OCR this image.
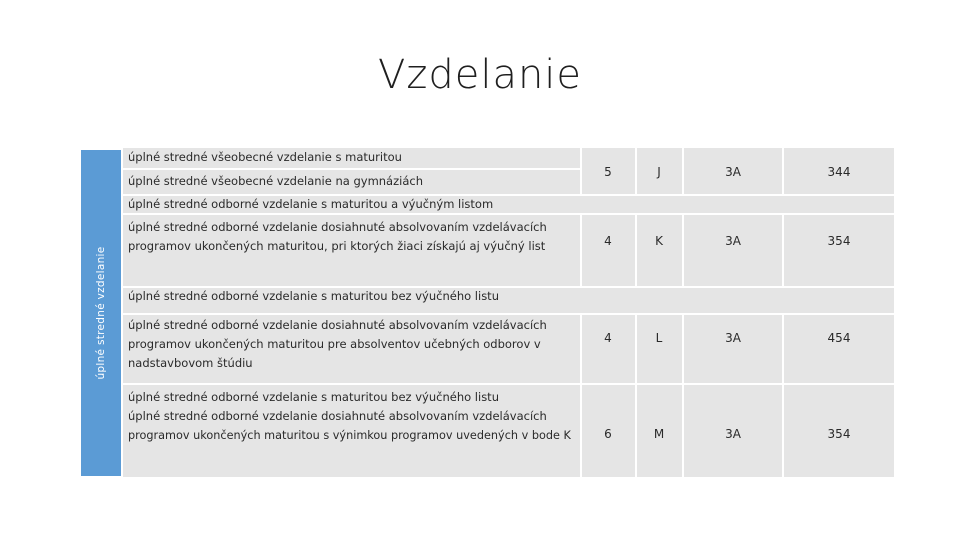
Vzdelanie
úplné stredné vzdelanie
úplné stredné všeobecné vzdelanie s maturitou
úplné stredné všeobecné vzdelanie na gymnáziách
5	J	3A	344
úplné stredné odborné vzdelanie s maturitou a výučným listom
úplné stredné odborné vzdelanie dosiahnuté absolvovaním vzdelávacích
programov ukončených maturitou, pri ktorých žiaci získajú aj výučný list	4	K	3A	354
úplné stredné odborné vzdelanie s maturitou bez výučného listu
úplné stredné odborné vzdelanie dosiahnuté absolvovaním vzdelávacích
programov ukončených maturitou pre absolventov učebných odborov v
nadstavbovom štúdiu
4	L	3A	454
úplné stredné odborné vzdelanie s maturitou bez výučného listu
úplné stredné odborné vzdelanie dosiahnuté absolvovaním vzdelávacích
programov ukončených maturitou s výnimkou programov uvedených v bode K	6	M	3A	354
